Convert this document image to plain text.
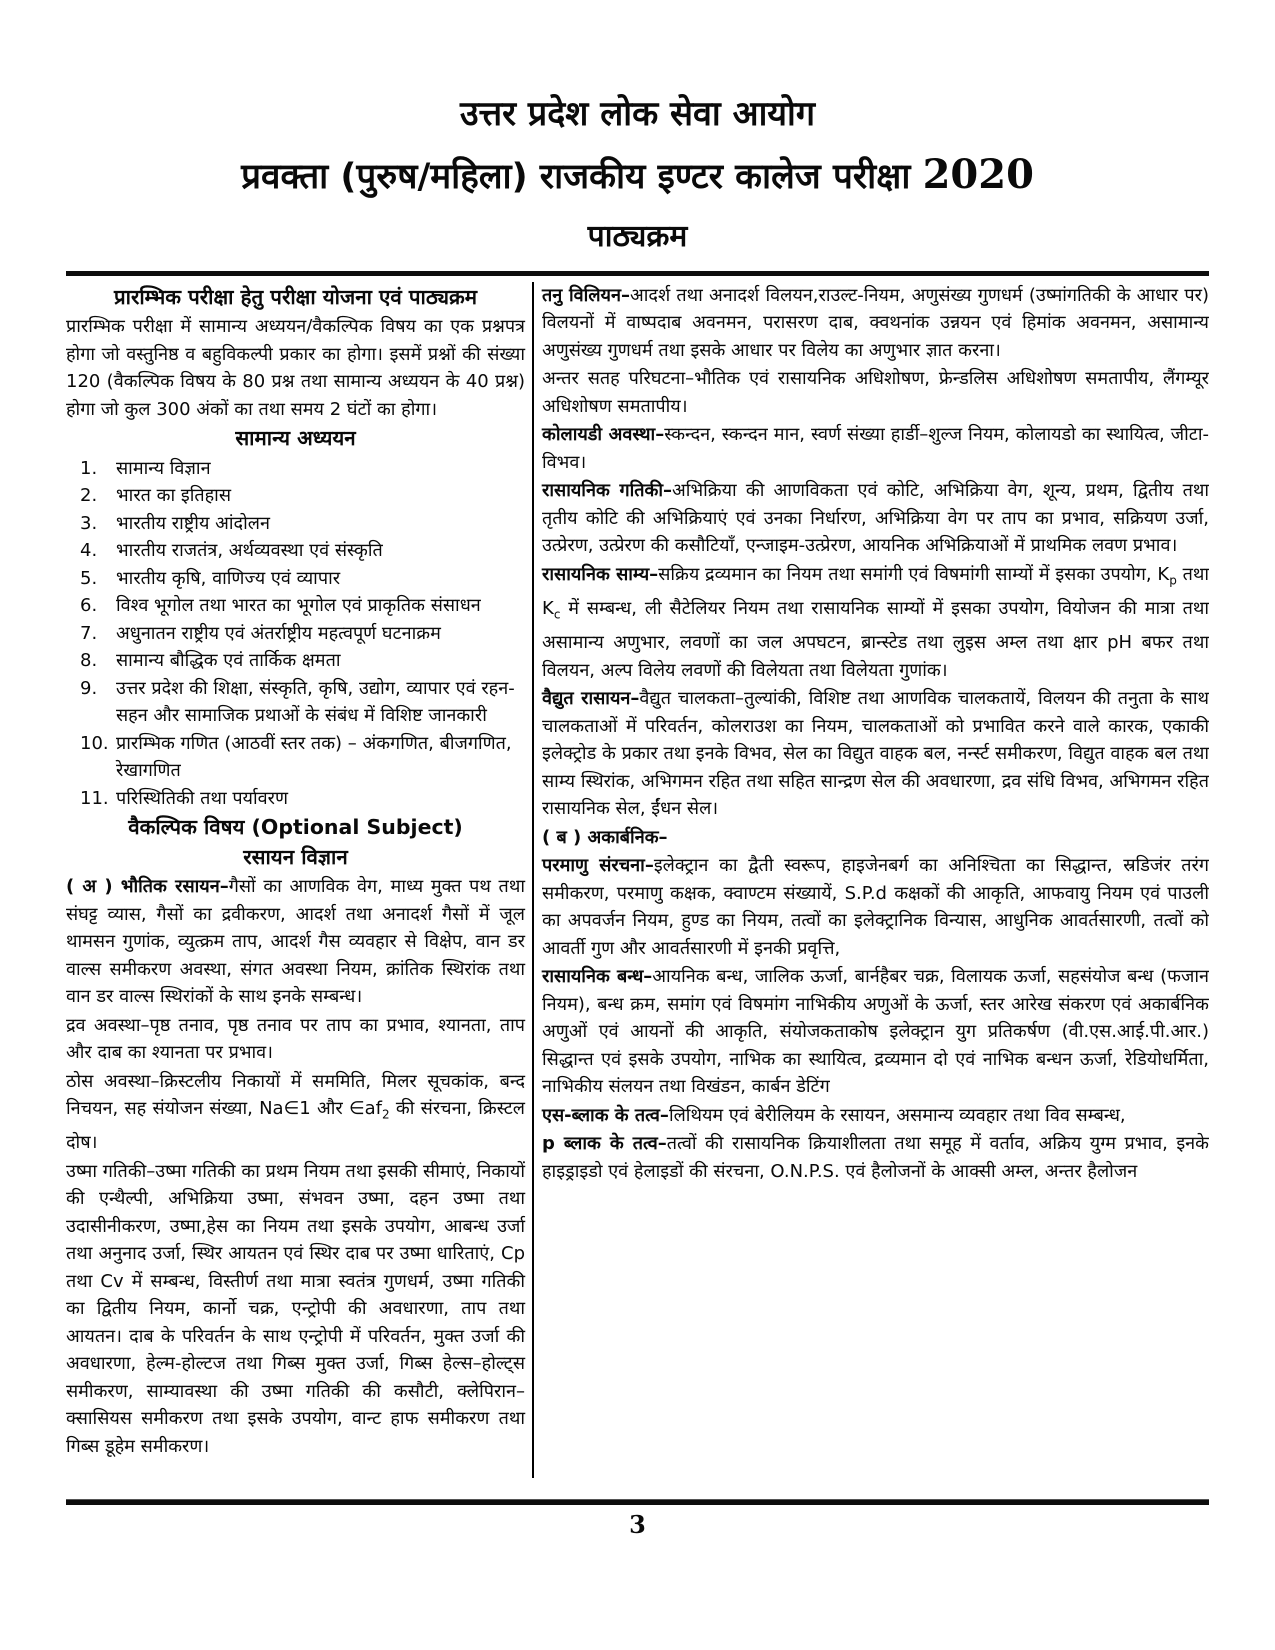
उत्तर प्रदेश लोक सेवा आयोग
प्रवक्ता (पुरुष/महिला) राजकीय इण्टर कालेज परीक्षा 2020
पाठ्यक्रम
प्रारम्भिक परीक्षा हेतु परीक्षा योजना एवं पाठ्यक्रम

प्रारम्भिक परीक्षा में सामान्य अध्ययन/वैकल्पिक विषय का एक प्रश्नपत्र होगा जो वस्तुनिष्ठ व बहुविकल्पी प्रकार का होगा। इसमें प्रश्नों की संख्या 120 (वैकल्पिक विषय के 80 प्रश्न तथा सामान्य अध्ययन के 40 प्रश्न) होगा जो कुल 300 अंकों का तथा समय 2 घंटों का होगा।

सामान्य अध्ययन
1.	सामान्य विज्ञान
2.	भारत का इतिहास
3.	भारतीय राष्ट्रीय आंदोलन
4.	भारतीय राजतंत्र, अर्थव्यवस्था एवं संस्कृति
5.	भारतीय कृषि, वाणिज्य एवं व्यापार
6.	विश्व भूगोल तथा भारत का भूगोल एवं प्राकृतिक संसाधन
7.	अधुनातन राष्ट्रीय एवं अंतर्राष्ट्रीय महत्वपूर्ण घटनाक्रम
8.	सामान्य बौद्धिक एवं तार्किक क्षमता
9.	उत्तर प्रदेश की शिक्षा, संस्कृति, कृषि, उद्योग, व्यापार एवं रहन-सहन और सामाजिक प्रथाओं के संबंध में विशिष्ट जानकारी
10. प्रारम्भिक गणित (आठवीं स्तर तक) – अंकगणित, बीजगणित, रेखागणित
11. परिस्थितिकी तथा पर्यावरण
वैकल्पिक विषय (Optional Subject)
रसायन विज्ञान

( अ ) भौतिक रसायन–गैसों का आणविक वेग, माध्य मुक्त पथ तथा संघट्ट व्यास, गैसों का द्रवीकरण, आदर्श तथा अनादर्श गैसों में जूल थामसन गुणांक, व्युत्क्रम ताप, आदर्श गैस व्यवहार से विक्षेप, वान डर वाल्स समीकरण अवस्था, संगत अवस्था नियम, क्रांतिक स्थिरांक तथा वान डर वाल्स स्थिरांकों के साथ इनके सम्बन्ध।

द्रव अवस्था–पृष्ठ तनाव, पृष्ठ तनाव पर ताप का प्रभाव, श्यानता, ताप और दाब का श्यानता पर प्रभाव।

ठोस अवस्था–क्रिस्टलीय निकायों में सममिति, मिलर सूचकांक, बन्द निचयन, सह संयोजन संख्या, Na∈1 और $\in af_2$ की संरचना, क्रिस्टल दोष।

उष्मा गतिकी–उष्मा गतिकी का प्रथम नियम तथा इसकी सीमाएं, निकायों की एन्थैल्पी, अभिक्रिया उष्मा, संभवन उष्मा, दहन उष्मा तथा उदासीनीकरण, उष्मा,हेस का नियम तथा इसके उपयोग, आबन्ध उर्जा तथा अनुनाद उर्जा, स्थिर आयतन एवं स्थिर दाब पर उष्मा धारिताएं, Cp तथा Cv में सम्बन्ध, विस्तीर्ण तथा मात्रा स्वतंत्र गुणधर्म, उष्मा गतिकी का द्वितीय नियम, कार्नो चक्र, एन्ट्रोपी की अवधारणा, ताप तथा आयतन। दाब के परिवर्तन के साथ एन्ट्रोपी में परिवर्तन, मुक्त उर्जा की अवधारणा, हेल्म-होल्टज तथा गिब्स मुक्त उर्जा, गिब्स हेल्स–होल्ट्स समीकरण, साम्यावस्था की उष्मा गतिकी की कसौटी, क्लेपिरान–क्सासियस समीकरण तथा इसके उपयोग, वान्ट हाफ समीकरण तथा गिब्स डूहेम समीकरण।

तनु विलियन–आदर्श तथा अनादर्श विलयन,राउल्ट-नियम, अणुसंख्य गुणधर्म (उष्मांगतिकी के आधार पर) विलयनों में वाष्पदाब अवनमन, परासरण दाब, क्वथनांक उन्नयन एवं हिमांक अवनमन, असामान्य अणुसंख्य गुणधर्म तथा इसके आधार पर विलेय का अणुभार ज्ञात करना।

अन्तर सतह परिघटना–भौतिक एवं रासायनिक अधिशोषण, फ्रेन्डलिस अधिशोषण समतापीय, लैंगम्यूर अधिशोषण समतापीय।

कोलायडी अवस्था–स्कन्दन, स्कन्दन मान, स्वर्ण संख्या हार्डी–शुल्ज नियम, कोलायडो का स्थायित्व, जीटा-विभव।

रासायनिक गतिकी–अभिक्रिया की आणविकता एवं कोटि, अभिक्रिया वेग, शून्य, प्रथम, द्वितीय तथा तृतीय कोटि की अभिक्रियाएं एवं उनका निर्धारण, अभिक्रिया वेग पर ताप का प्रभाव, सक्रियण उर्जा, उत्प्रेरण, उत्प्रेरण की कसौटियाँ, एन्जाइम-उत्प्रेरण, आयनिक अभिक्रियाओं में प्राथमिक लवण प्रभाव।

रासायनिक साम्य–सक्रिय द्रव्यमान का नियम तथा समांगी एवं विषमांगी साम्यों में इसका उपयोग, $K_p$ तथा $K_c$ में सम्बन्ध, ली सैटेलियर नियम तथा रासायनिक साम्यों में इसका उपयोग, वियोजन की मात्रा तथा असामान्य अणुभार, लवणों का जल अपघटन, ब्रान्स्टेड तथा लुइस अम्ल तथा क्षार pH बफर तथा विलयन, अल्प विलेय लवणों की विलेयता तथा विलेयता गुणांक।

वैद्युत रासायन–वैद्युत चालकता–तुल्यांकी, विशिष्ट तथा आणविक चालकतायें, विलयन की तनुता के साथ चालकताओं में परिवर्तन, कोलराउश का नियम, चालकताओं को प्रभावित करने वाले कारक, एकाकी इलेक्ट्रोड के प्रकार तथा इनके विभव, सेल का विद्युत वाहक बल, नर्न्स्ट समीकरण, विद्युत वाहक बल तथा साम्य स्थिरांक, अभिगमन रहित तथा सहित सान्द्रण सेल की अवधारणा, द्रव संधि विभव, अभिगमन रहित रासायनिक सेल, ईंधन सेल।

( ब ) अकार्बनिक–

परमाणु संरचना–इलेक्ट्रान का द्वैती स्वरूप, हाइजेनबर्ग का अनिश्चिता का सिद्धान्त, स्रडिजंर तरंग समीकरण, परमाणु कक्षक, क्वाण्टम संख्यायें, S.P.d कक्षकों की आकृति, आफवायु नियम एवं पाउली का अपवर्जन नियम, हुण्ड का नियम, तत्वों का इलेक्ट्रानिक विन्यास, आधुनिक आवर्तसारणी, तत्वों को आवर्ती गुण और आवर्तसारणी में इनकी प्रवृत्ति,

रासायनिक बन्ध–आयनिक बन्ध, जालिक ऊर्जा, बार्नहैबर चक्र, विलायक ऊर्जा, सहसंयोज बन्ध (फजान नियम), बन्ध क्रम, समांग एवं विषमांग नाभिकीय अणुओं के ऊर्जा, स्तर आरेख संकरण एवं अकार्बनिक अणुओं एवं आयनों की आकृति, संयोजकताकोष इलेक्ट्रान युग प्रतिकर्षण (वी.एस.आई.पी.आर.) सिद्धान्त एवं इसके उपयोग, नाभिक का स्थायित्व, द्रव्यमान दो एवं नाभिक बन्धन ऊर्जा, रेडियोधर्मिता, नाभिकीय संलयन तथा विखंडन, कार्बन डेटिंग

एस-ब्लाक के तत्व–लिथियम एवं बेरीलियम के रसायन, असमान्य व्यवहार तथा विव सम्बन्ध,

p ब्लाक के तत्व–तत्वों की रासायनिक क्रियाशीलता तथा समूह में वर्ताव, अक्रिय युग्म प्रभाव, इनके हाइड्राइडो एवं हेलाइडों की संरचना, O.N.P.S. एवं हैलोजनों के आक्सी अम्ल, अन्तर हैलोजन

3
